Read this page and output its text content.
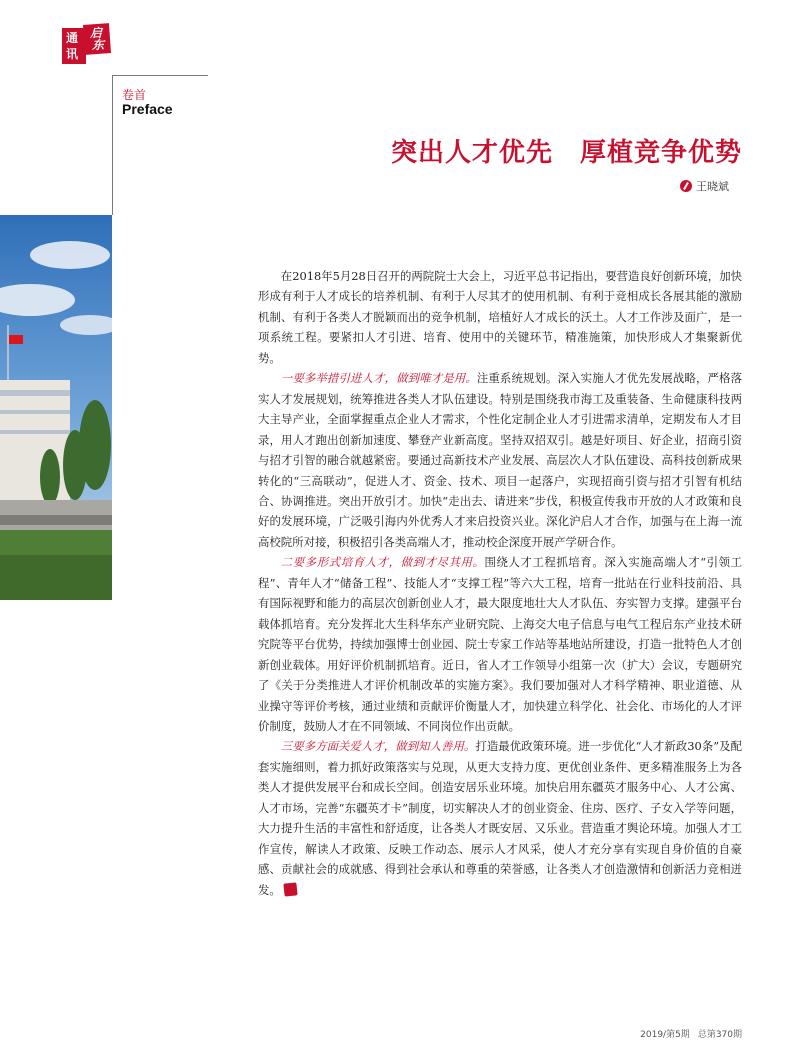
通
讯
启
东
卷首
Preface
突出人才优先　厚植竞争优势
王晓斌

在2018年5月28日召开的两院院士大会上，习近平总书记指出，要营造良好创新环境，加快形成有利于人才成长的培养机制、有利于人尽其才的使用机制、有利于竞相成长各展其能的激励机制、有利于各类人才脱颖而出的竞争机制，培植好人才成长的沃土。人才工作涉及面广，是一项系统工程。要紧扣人才引进、培育、使用中的关键环节，精准施策，加快形成人才集聚新优势。

一要多举措引进人才，做到唯才是用。注重系统规划。深入实施人才优先发展战略，严格落实人才发展规划，统筹推进各类人才队伍建设。特别是围绕我市海工及重装备、生命健康科技两大主导产业，全面掌握重点企业人才需求，个性化定制企业人才引进需求清单，定期发布人才目录，用人才跑出创新加速度、攀登产业新高度。坚持双招双引。越是好项目、好企业，招商引资与招才引智的融合就越紧密。要通过高新技术产业发展、高层次人才队伍建设、高科技创新成果转化的“三高联动”，促进人才、资金、技术、项目一起落户，实现招商引资与招才引智有机结合、协调推进。突出开放引才。加快“走出去、请进来”步伐，积极宣传我市开放的人才政策和良好的发展环境，广泛吸引海内外优秀人才来启投资兴业。深化沪启人才合作，加强与在上海一流高校院所对接，积极招引各类高端人才，推动校企深度开展产学研合作。

二要多形式培育人才，做到才尽其用。围绕人才工程抓培育。深入实施高端人才“引领工程”、青年人才“储备工程”、技能人才“支撑工程”等六大工程，培育一批站在行业科技前沿、具有国际视野和能力的高层次创新创业人才，最大限度地壮大人才队伍、夯实智力支撑。建强平台载体抓培育。充分发挥北大生科华东产业研究院、上海交大电子信息与电气工程启东产业技术研究院等平台优势，持续加强博士创业园、院士专家工作站等基地站所建设，打造一批特色人才创新创业载体。用好评价机制抓培育。近日，省人才工作领导小组第一次（扩大）会议，专题研究了《关于分类推进人才评价机制改革的实施方案》。我们要加强对人才科学精神、职业道德、从业操守等评价考核，通过业绩和贡献评价衡量人才，加快建立科学化、社会化、市场化的人才评价制度，鼓励人才在不同领域、不同岗位作出贡献。

三要多方面关爱人才，做到知人善用。打造最优政策环境。进一步优化“人才新政30条”及配套实施细则，着力抓好政策落实与兑现，从更大支持力度、更优创业条件、更多精准服务上为各类人才提供发展平台和成长空间。创造安居乐业环境。加快启用东疆英才服务中心、人才公寓、人才市场，完善“东疆英才卡”制度，切实解决人才的创业资金、住房、医疗、子女入学等问题，大力提升生活的丰富性和舒适度，让各类人才既安居、又乐业。营造重才舆论环境。加强人才工作宣传，解读人才政策、反映工作动态、展示人才风采，使人才充分享有实现自身价值的自豪感、贡献社会的成就感、得到社会承认和尊重的荣誉感，让各类人才创造激情和创新活力竞相迸发。

2019/第5期 总第370期
